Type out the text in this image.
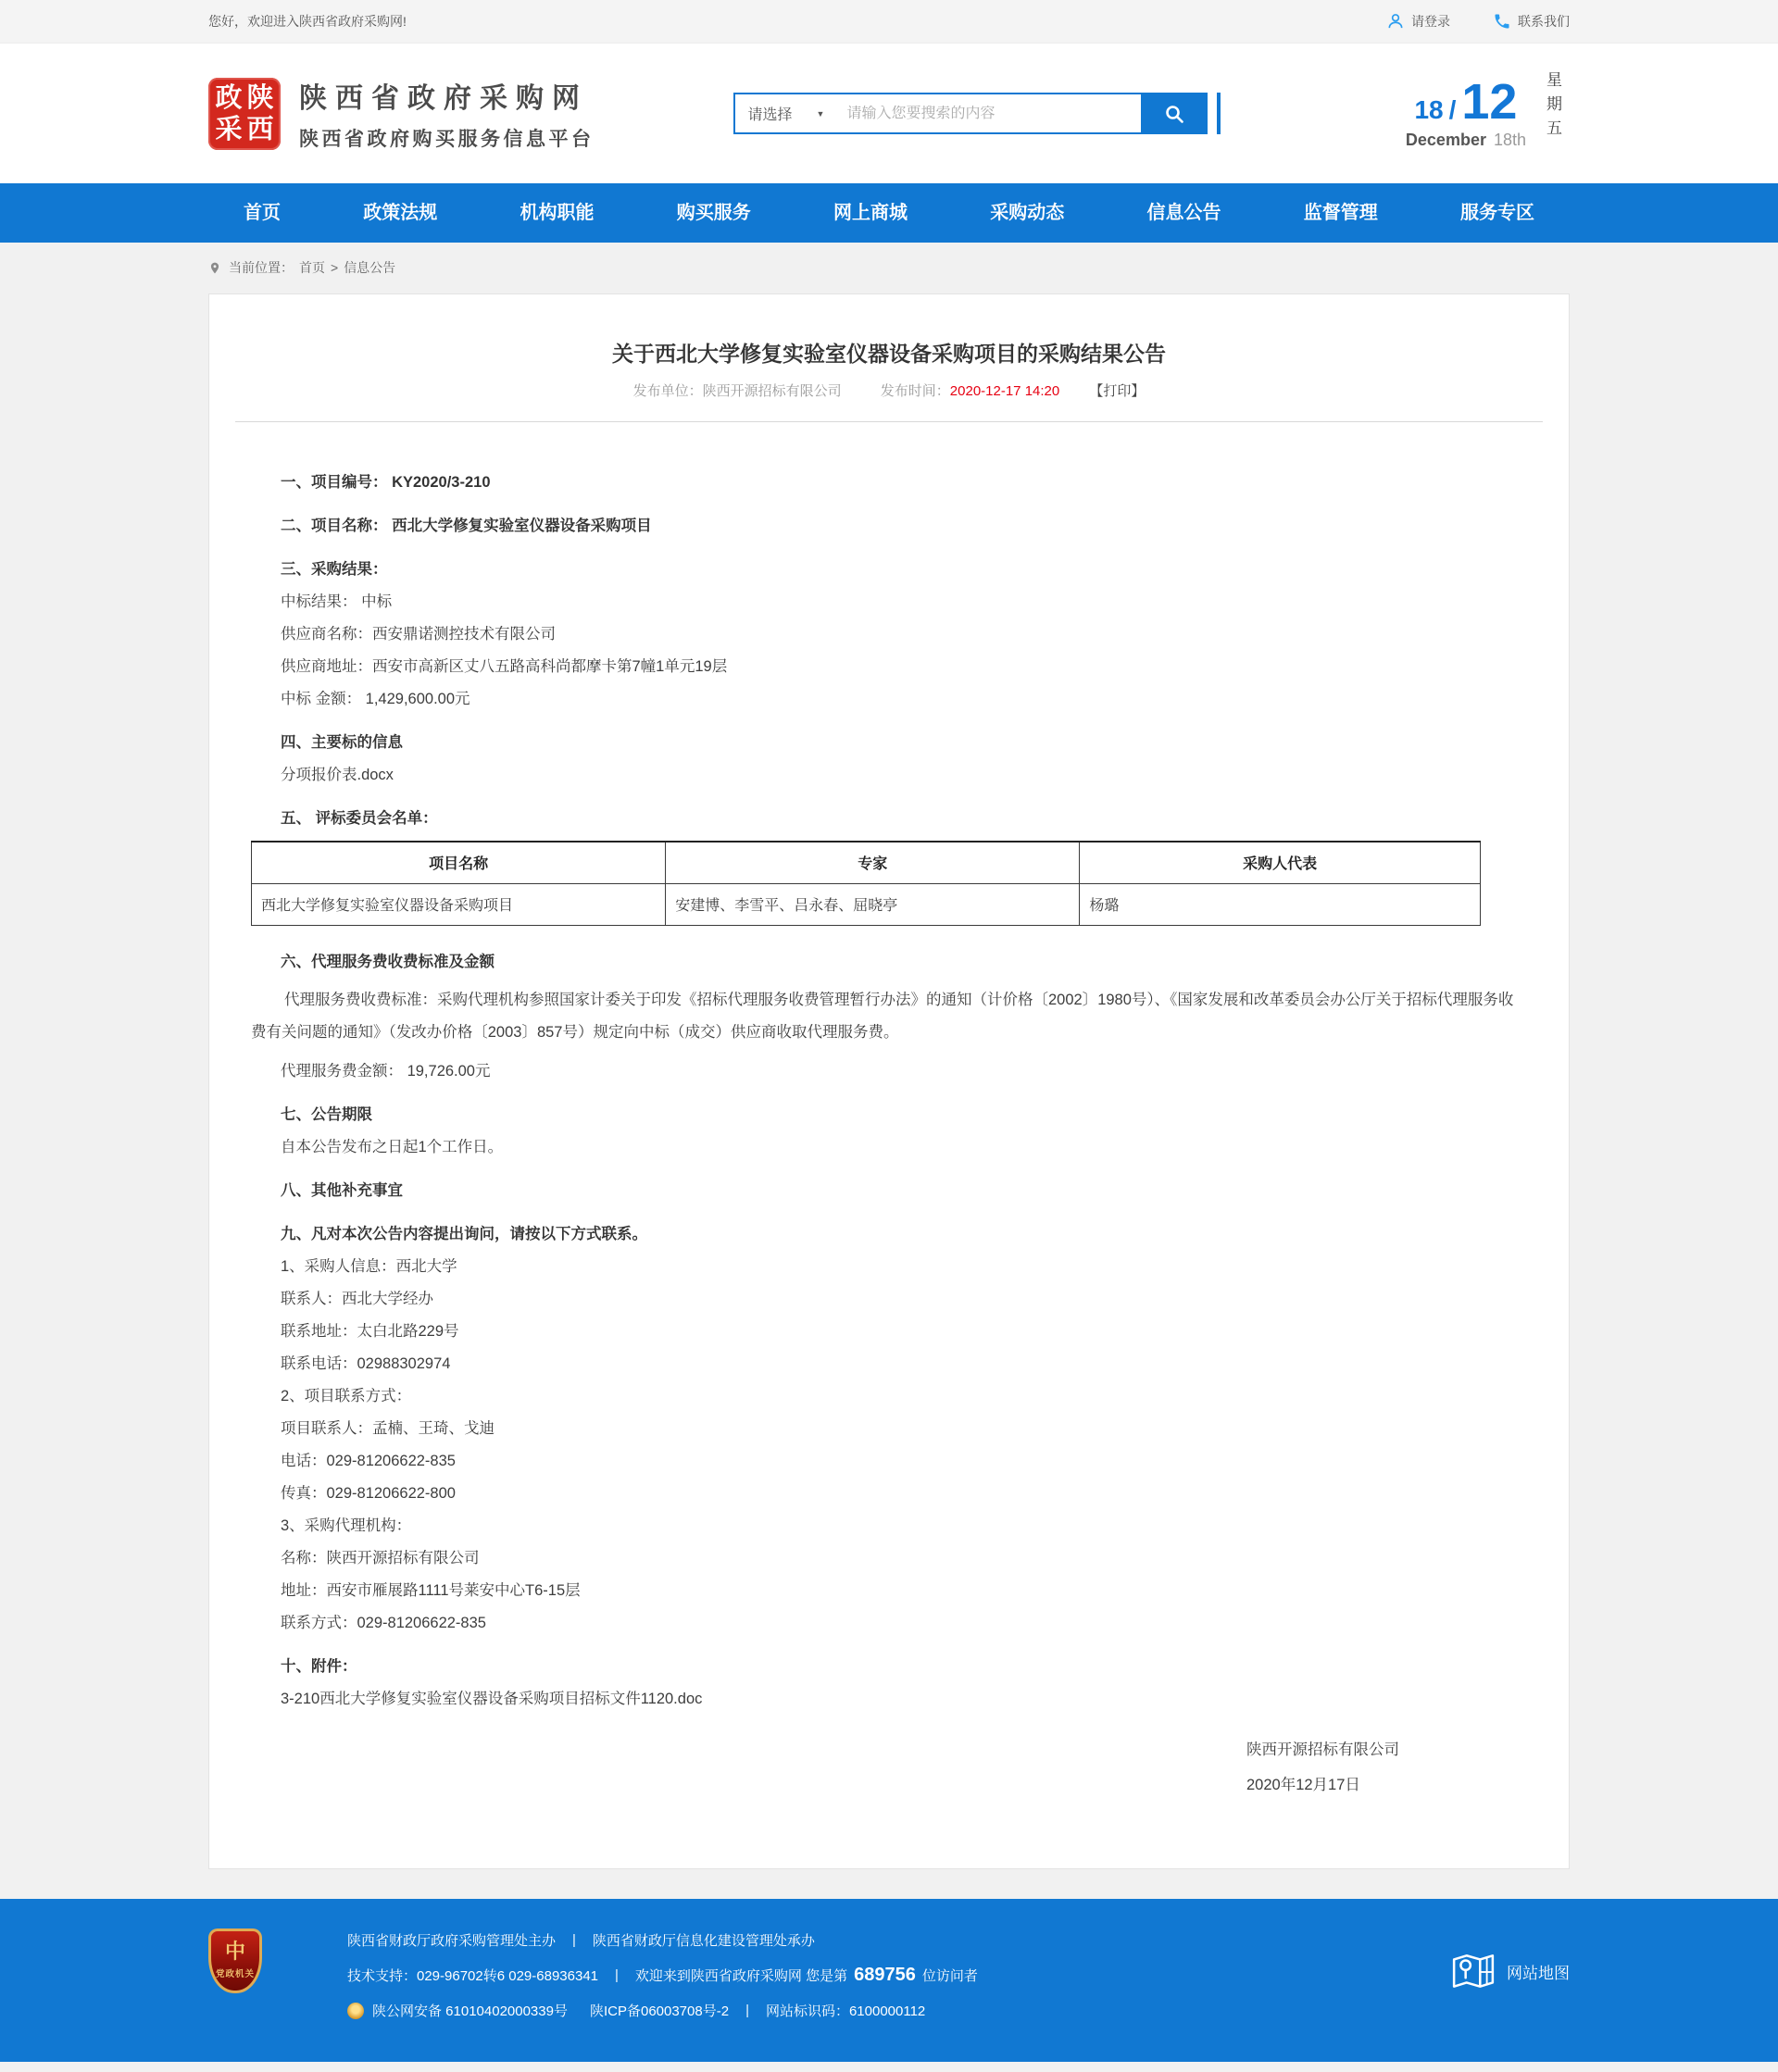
您好，欢迎进入陕西省政府采购网!	请登录	联系我们
政 陕
采 西
陕西省政府采购网
陕西省政府购买服务信息平台
请选择	▼
请输入您要搜索的内容	18 / 12
December 18th 星期五
首页	政策法规	机构职能	购买服务	网上商城	采购动态	信息公告	监督管理	服务专区
当前位置： 首页 > 信息公告
关于西北大学修复实验室仪器设备采购项目的采购结果公告
发布单位：陕西开源招标有限公司	发布时间：2020-12-17 14:20 【打印】
一、项目编号： KY2020/3-210
二、项目名称： 西北大学修复实验室仪器设备采购项目
三、采购结果：
中标结果： 中标
供应商名称：西安鼎诺测控技术有限公司
供应商地址：西安市高新区丈八五路高科尚都摩卡第7幢1单元19层
中标 金额： 1,429,600.00元
四、主要标的信息
分项报价表.docx
五、 评标委员会名单：
项目名称	专家	采购人代表
西北大学修复实验室仪器设备采购项目	安建博、李雪平、吕永春、屈晓亭	杨璐
六、代理服务费收费标准及金额
代理服务费收费标准：采购代理机构参照国家计委关于印发《招标代理服务收费管理暂行办法》的通知（计价格〔2002〕1980号）、《国家发展和改革委员会办公厅关于招标代理服务收费有关问题的通知》（发改办价格〔2003〕857号）规定向中标（成交）供应商收取代理服务费。
代理服务费金额： 19,726.00元
七、公告期限
自本公告发布之日起1个工作日。
八、其他补充事宜
九、凡对本次公告内容提出询问，请按以下方式联系。
1、采购人信息：西北大学
联系人：西北大学经办
联系地址：太白北路229号
联系电话：02988302974
2、项目联系方式：
项目联系人：孟楠、王琦、戈迪
电话：029-81206622-835
传真：029-81206622-800
3、采购代理机构：
名称：陕西开源招标有限公司
地址：西安市雁展路1111号莱安中心T6-15层
联系方式：029-81206622-835
十、附件：
3-210西北大学修复实验室仪器设备采购项目招标文件1120.doc
陕西开源招标有限公司
2020年12月17日
中
党政机关
陕西省财政厅政府采购管理处主办 | 陕西省财政厅信息化建设管理处承办
技术支持：029-96702转6 029-68936341 | 欢迎来到陕西省政府采购网 您是第 689756 位访问者
陕公网安备 61010402000339号 陕ICP备06003708号-2 | 网站标识码：6100000112
网站地图
